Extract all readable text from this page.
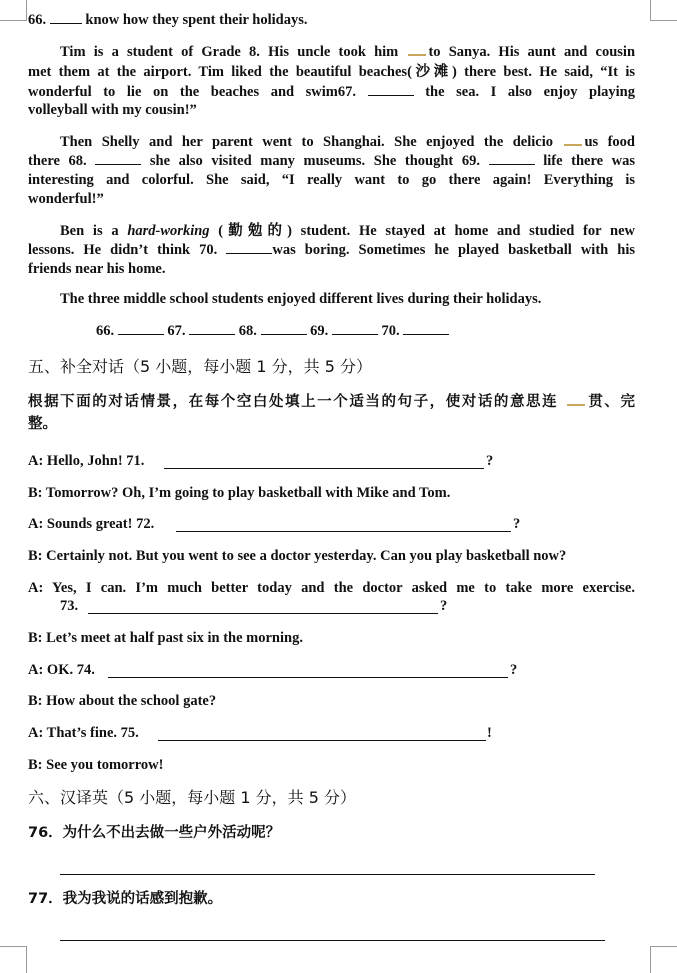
66.	know how they spent their holidays.
Tim is a student of Grade 8. His uncle took him to Sanya. His aunt and cousin
met them at the airport. Tim liked the beautiful beaches(沙滩) there best. He said, “It is
wonderful to lie on the beaches and swim67.	the sea. I also enjoy playing
volleyball with my cousin!”
Then Shelly and her parent went to Shanghai. She enjoyed the delicio us food
there 68.	she also visited many museums. She thought 69.	life there was
interesting and colorful. She said, “I really want to go there again! Everything is
wonderful!”
Ben is a hard-working (勤勉的) student. He stayed at home and studied for new
lessons. He didn’t think 70.	was boring. Sometimes he played basketball with his
friends near his home.
The three middle school students enjoyed different lives during their holidays.
66.	67.	68.	69.	70.
五、补全对话（5 小题，每小题 1 分，共 5 分）
根据下面的对话情景，在每个空白处填上一个适当的句子，使对话的意思连 贯、完
整。
A: Hello, John! 71.	?
B: Tomorrow? Oh, I’m going to play basketball with Mike and Tom.
A: Sounds great! 72.	?
B: Certainly not. But you went to see a doctor yesterday. Can you play basketball now?
A: Yes, I can. I’m much better today and the doctor asked me to take more exercise.
73.	?
B: Let’s meet at half past six in the morning.
A: OK. 74.	?
B: How about the school gate?
A: That’s fine. 75.	!
B: See you tomorrow!
六、汉译英（5 小题，每小题 1 分，共 5 分）
76．为什么不出去做一些户外活动呢？
77．我为我说的话感到抱歉。
